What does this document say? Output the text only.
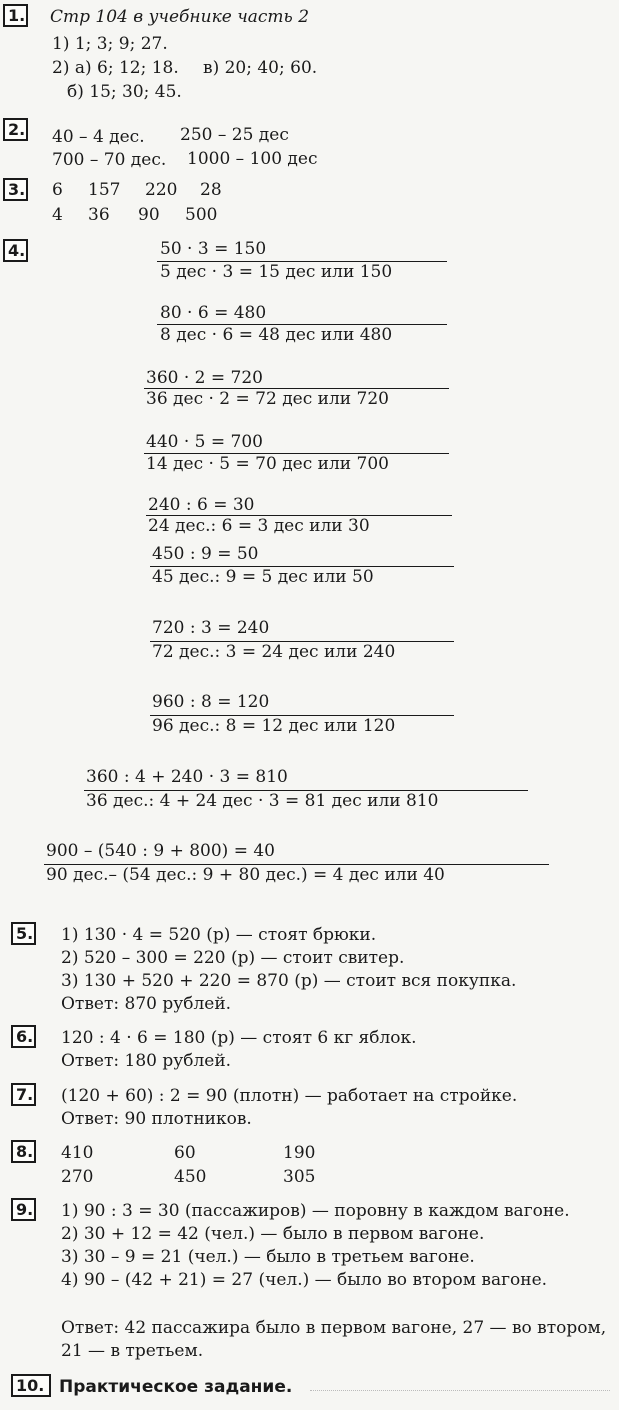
1. Стр 104 в учебнике часть 2
1) 1; 3; 9; 27.
2) а) 6; 12; 18. в) 20; 40; 60.
б) 15; 30; 45.
2. 40 – 4 дес. 250 – 25 дес
700 – 70 дес. 1000 – 100 дес
3. 6 157 220 28
4 36 90 500
4.	50 · 3 = 150
5 дес · 3 = 15 дес или 150
80 · 6 = 480
8 дес · 6 = 48 дес или 480
360 · 2 = 720
36 дес · 2 = 72 дес или 720
440 · 5 = 700
14 дес · 5 = 70 дес или 700
240 : 6 = 30
24 дес.: 6 = 3 дес или 30
450 : 9 = 50
45 дес.: 9 = 5 дес или 50
720 : 3 = 240
72 дес.: 3 = 24 дес или 240
960 : 8 = 120
96 дес.: 8 = 12 дес или 120
360 : 4 + 240 · 3 = 810
36 дес.: 4 + 24 дес · 3 = 81 дес или 810
900 – (540 : 9 + 800) = 40
90 дес.– (54 дес.: 9 + 80 дес.) = 4 дес или 40
5. 1) 130 · 4 = 520 (р) — стоят брюки.
2) 520 – 300 = 220 (р) — стоит свитер.
3) 130 + 520 + 220 = 870 (р) — стоит вся покупка.
Ответ: 870 рублей.
6. 120 : 4 · 6 = 180 (р) — стоят 6 кг яблок.
Ответ: 180 рублей.
7. (120 + 60) : 2 = 90 (плотн) — работает на стройке.
Ответ: 90 плотников.
8. 410	60	190
270	450	305
9. 1) 90 : 3 = 30 (пассажиров) — поровну в каждом вагоне.
2) 30 + 12 = 42 (чел.) — было в первом вагоне.
3) 30 – 9 = 21 (чел.) — было в третьем вагоне.
4) 90 – (42 + 21) = 27 (чел.) — было во втором вагоне.
Ответ: 42 пассажира было в первом вагоне, 27 — во втором,
21 — в третьем.
10. Практическое задание.
